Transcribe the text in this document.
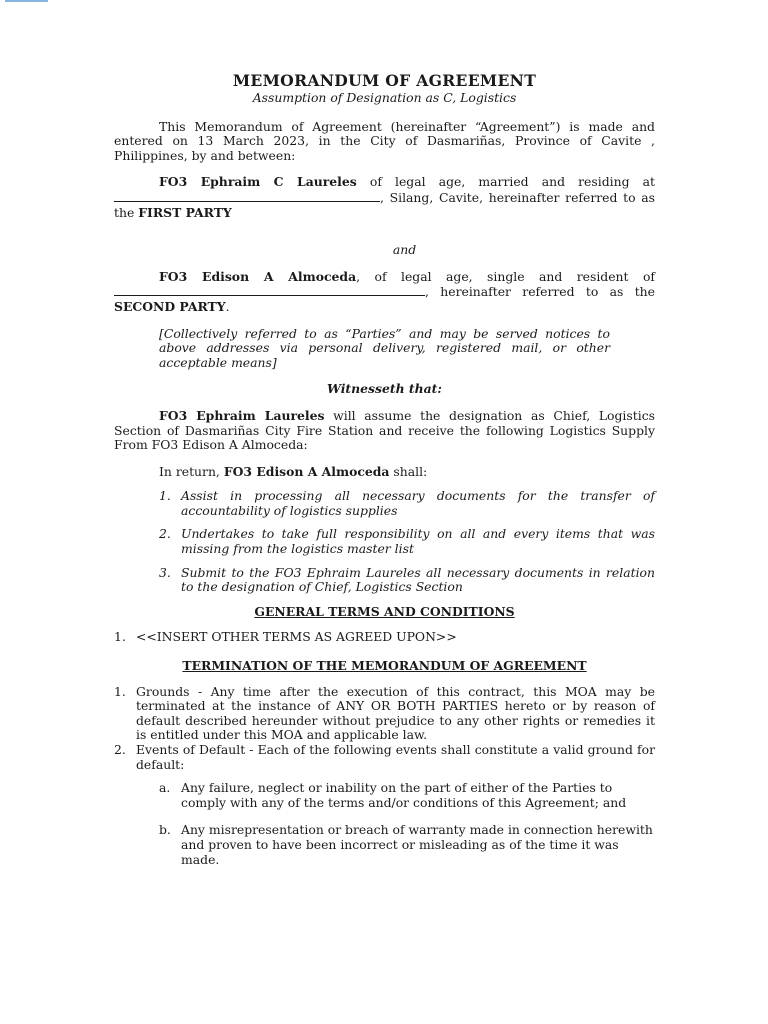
MEMORANDUM OF AGREEMENT

Assumption of Designation as C, Logistics

This Memorandum of Agreement (hereinafter “Agreement”) is made and entered on 13 March 2023, in the City of Dasmariñas, Province of Cavite , Philippines, by and between:

FO3 Ephraim C Laureles of legal age, married and residing at , Silang, Cavite, hereinafter referred to as the FIRST PARTY

and

FO3 Edison A Almoceda, of legal age, single and resident of , hereinafter referred to as the SECOND PARTY.

[Collectively referred to as “Parties” and may be served notices to above addresses via personal delivery, registered mail, or other acceptable means]

Witnesseth that:

FO3 Ephraim Laureles will assume the designation as Chief, Logistics Section of Dasmariñas City Fire Station and receive the following Logistics Supply From FO3 Edison A Almoceda:

In return, FO3 Edison A Almoceda shall:

1. Assist in processing all necessary documents for the transfer of accountability of logistics supplies
2. Undertakes to take full responsibility on all and every items that was missing from the logistics master list
3. Submit to the FO3 Ephraim Laureles all necessary documents in relation to the designation of Chief, Logistics Section

GENERAL TERMS AND CONDITIONS

1. <<INSERT OTHER TERMS AS AGREED UPON>>

TERMINATION OF THE MEMORANDUM OF AGREEMENT

1. Grounds - Any time after the execution of this contract, this MOA may be terminated at the instance of ANY OR BOTH PARTIES hereto or by reason of default described hereunder without prejudice to any other rights or remedies it is entitled under this MOA and applicable law.
2. Events of Default - Each of the following events shall constitute a valid ground for default:
a. Any failure, neglect or inability on the part of either of the Parties to comply with any of the terms and/or conditions of this Agreement; and
b. Any misrepresentation or breach of warranty made in connection herewith and proven to have been incorrect or misleading as of the time it was made.
